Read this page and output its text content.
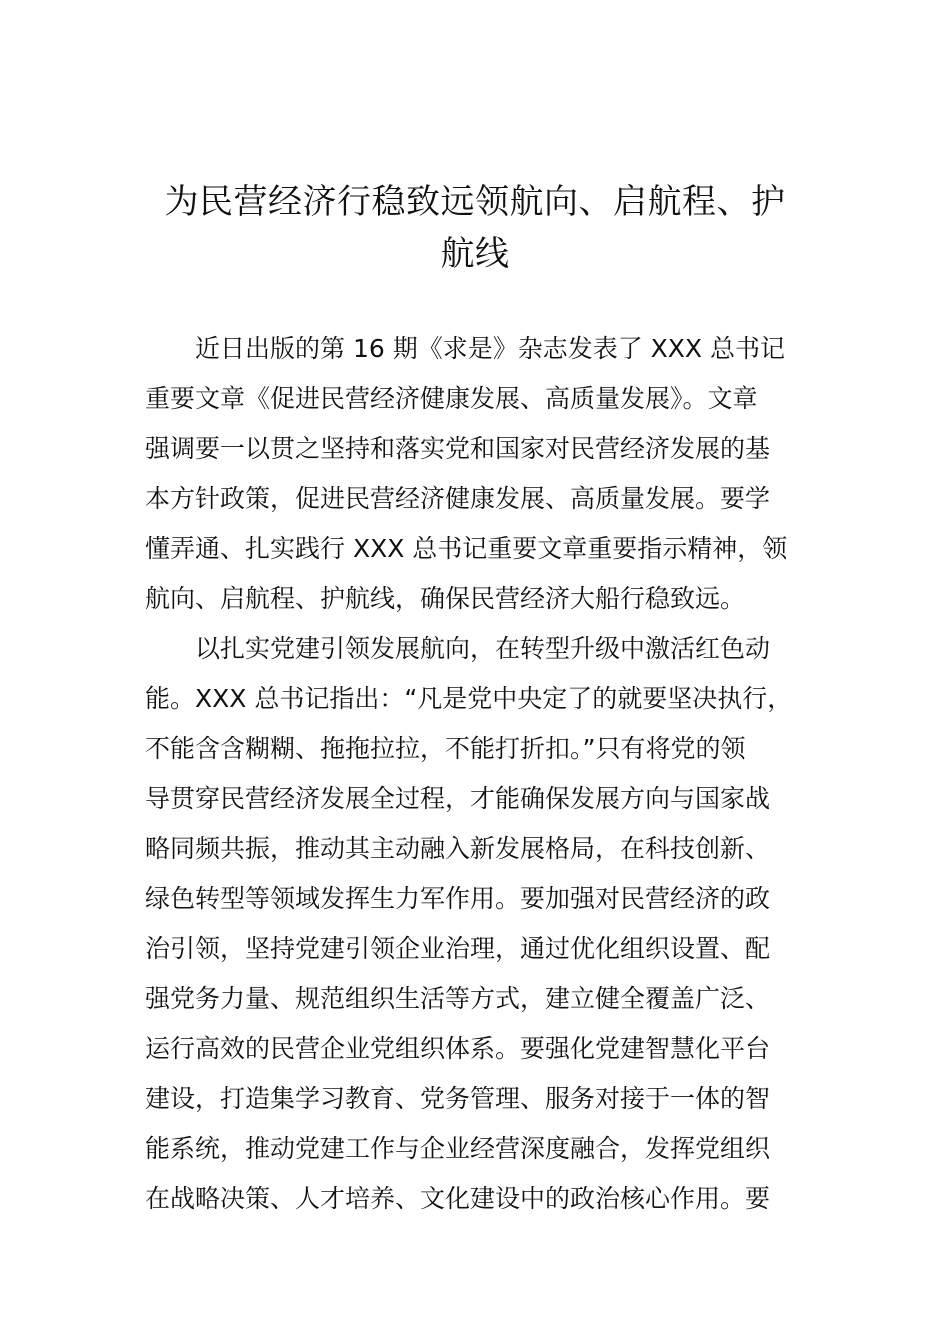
为民营经济行稳致远领航向、启航程、护
航线
近日出版的第 16 期《求是》杂志发表了 XXX 总书记
重要文章《促进民营经济健康发展、高质量发展》。文章
强调要一以贯之坚持和落实党和国家对民营经济发展的基
本方针政策，促进民营经济健康发展、高质量发展。要学
懂弄通、扎实践行 XXX 总书记重要文章重要指示精神，领
航向、启航程、护航线，确保民营经济大船行稳致远。
以扎实党建引领发展航向，在转型升级中激活红色动
能。XXX 总书记指出：“凡是党中央定了的就要坚决执行，
不能含含糊糊、拖拖拉拉，不能打折扣。”只有将党的领
导贯穿民营经济发展全过程，才能确保发展方向与国家战
略同频共振，推动其主动融入新发展格局，在科技创新、
绿色转型等领域发挥生力军作用。要加强对民营经济的政
治引领，坚持党建引领企业治理，通过优化组织设置、配
强党务力量、规范组织生活等方式，建立健全覆盖广泛、
运行高效的民营企业党组织体系。要强化党建智慧化平台
建设，打造集学习教育、党务管理、服务对接于一体的智
能系统，推动党建工作与企业经营深度融合，发挥党组织
在战略决策、人才培养、文化建设中的政治核心作用。要
